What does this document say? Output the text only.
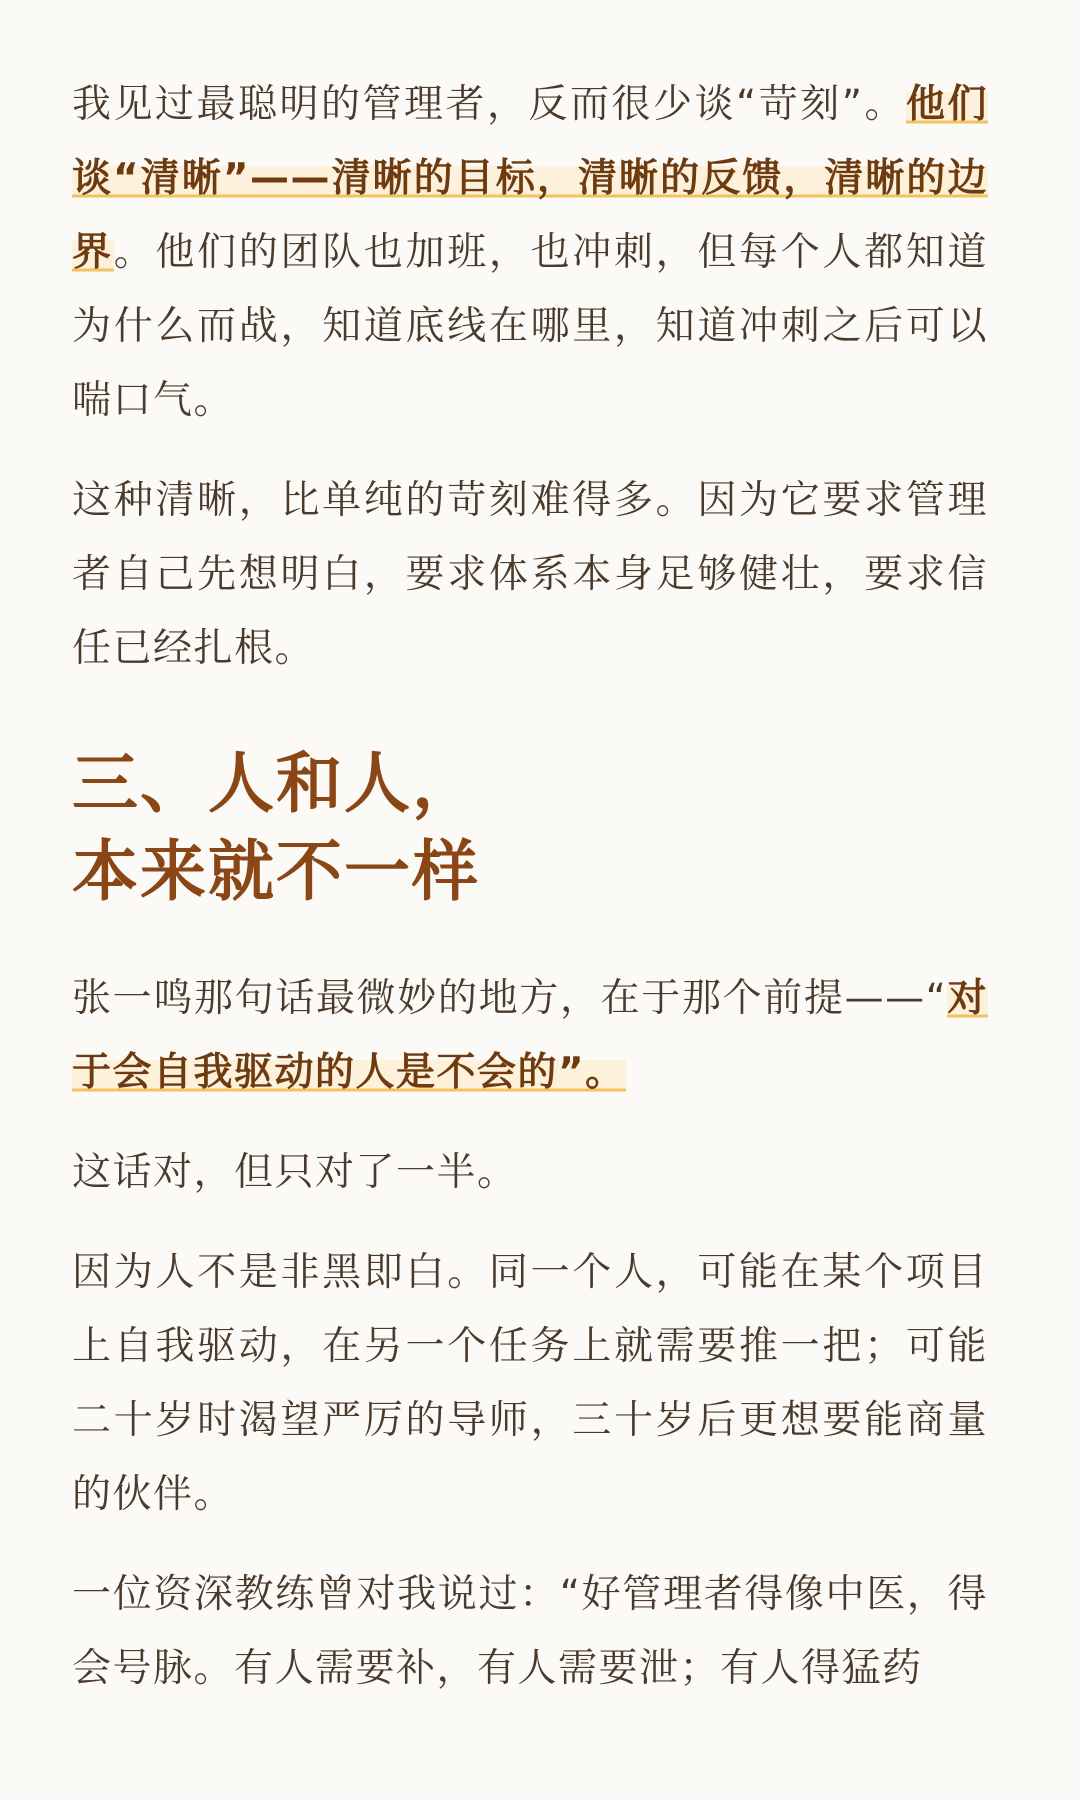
我见过最聪明的管理者，反而很少谈“苛刻”。他们谈“清晰”——清晰的目标，清晰的反馈，清晰的边界。他们的团队也加班，也冲刺，但每个人都知道为什么而战，知道底线在哪里，知道冲刺之后可以喘口气。

这种清晰，比单纯的苛刻难得多。因为它要求管理者自己先想明白，要求体系本身足够健壮，要求信任已经扎根。

三、人和人，
本来就不一样

张一鸣那句话最微妙的地方，在于那个前提——“对于会自我驱动的人是不会的”。

这话对，但只对了一半。

因为人不是非黑即白。同一个人，可能在某个项目上自我驱动，在另一个任务上就需要推一把；可能二十岁时渴望严厉的导师，三十岁后更想要能商量的伙伴。

一位资深教练曾对我说过：“好管理者得像中医，得会号脉。有人需要补，有人需要泄；有人得猛药
